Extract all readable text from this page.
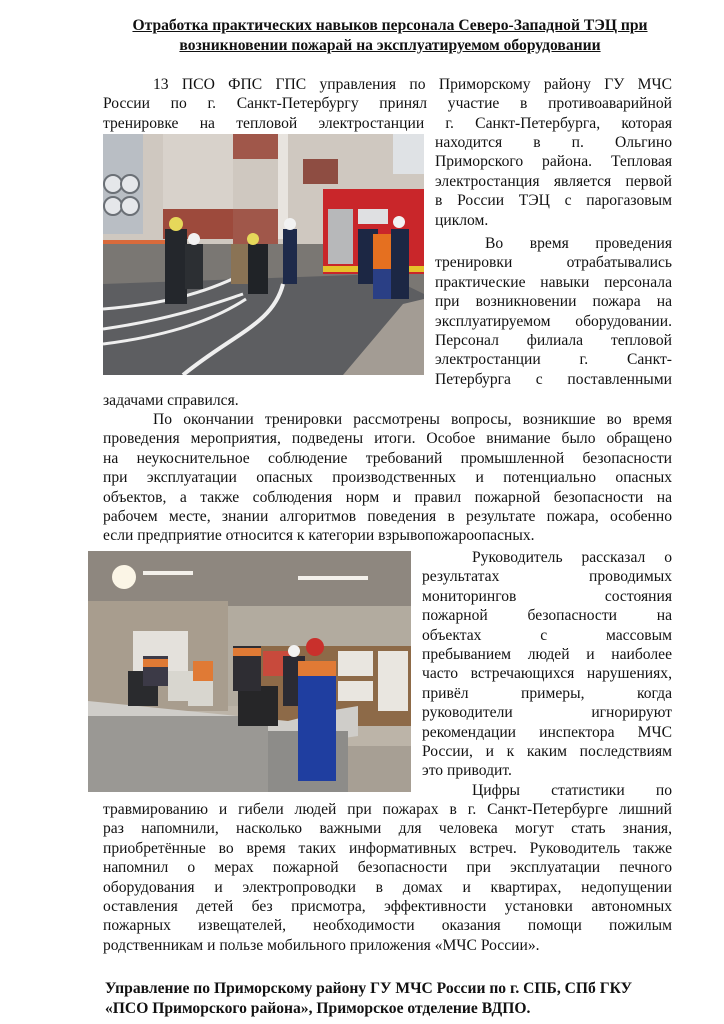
Отработка практических навыков персонала Северо-Западной ТЭЦ при
возникновении пожарай на эксплуатируемом оборудовании
13 ПСО ФПС ГПС управления по Приморскому району ГУ МЧС
России по г. Санкт-Петербургу принял участие в противоаварийной
тренировке на тепловой электростанции г. Санкт-Петербурга, которая
находится в п. Ольгино
Приморского района. Тепловая
электростанция является первой
в России ТЭЦ с парогазовым
циклом.
Во время проведения
тренировки отрабатывались
практические навыки персонала
при возникновении пожара на
эксплуатируемом оборудовании.
Персонал филиала тепловой
электростанции г. Санкт-
Петербурга с поставленными
задачами справился.
По окончании тренировки рассмотрены вопросы, возникшие во время
проведения мероприятия, подведены итоги. Особое внимание было обращено
на неукоснительное соблюдение требований промышленной безопасности
при эксплуатации опасных производственных и потенциально опасных
объектов, а также соблюдения норм и правил пожарной безопасности на
рабочем месте, знании алгоритмов поведения в результате пожара, особенно
если предприятие относится к категории взрывопожароопасных.
Руководитель рассказал о
результатах проводимых
мониторингов состояния
пожарной безопасности на
объектах с массовым
пребыванием людей и наиболее
часто встречающихся нарушениях,
привёл примеры, когда
руководители игнорируют
рекомендации инспектора МЧС
России, и к каким последствиям
это приводит.
Цифры статистики по
травмированию и гибели людей при пожарах в г. Санкт-Петербурге лишний
раз напомнили, насколько важными для человека могут стать знания,
приобретённые во время таких информативных встреч. Руководитель также
напомнил о мерах пожарной безопасности при эксплуатации печного
оборудования и электропроводки в домах и квартирах, недопущении
оставления детей без присмотра, эффективности установки автономных
пожарных извещателей, необходимости оказания помощи пожилым
родственникам и пользе мобильного приложения «МЧС России».
Управление по Приморскому району ГУ МЧС России по г. СПБ, СПб ГКУ
«ПСО Приморского района», Приморское отделение ВДПО.
